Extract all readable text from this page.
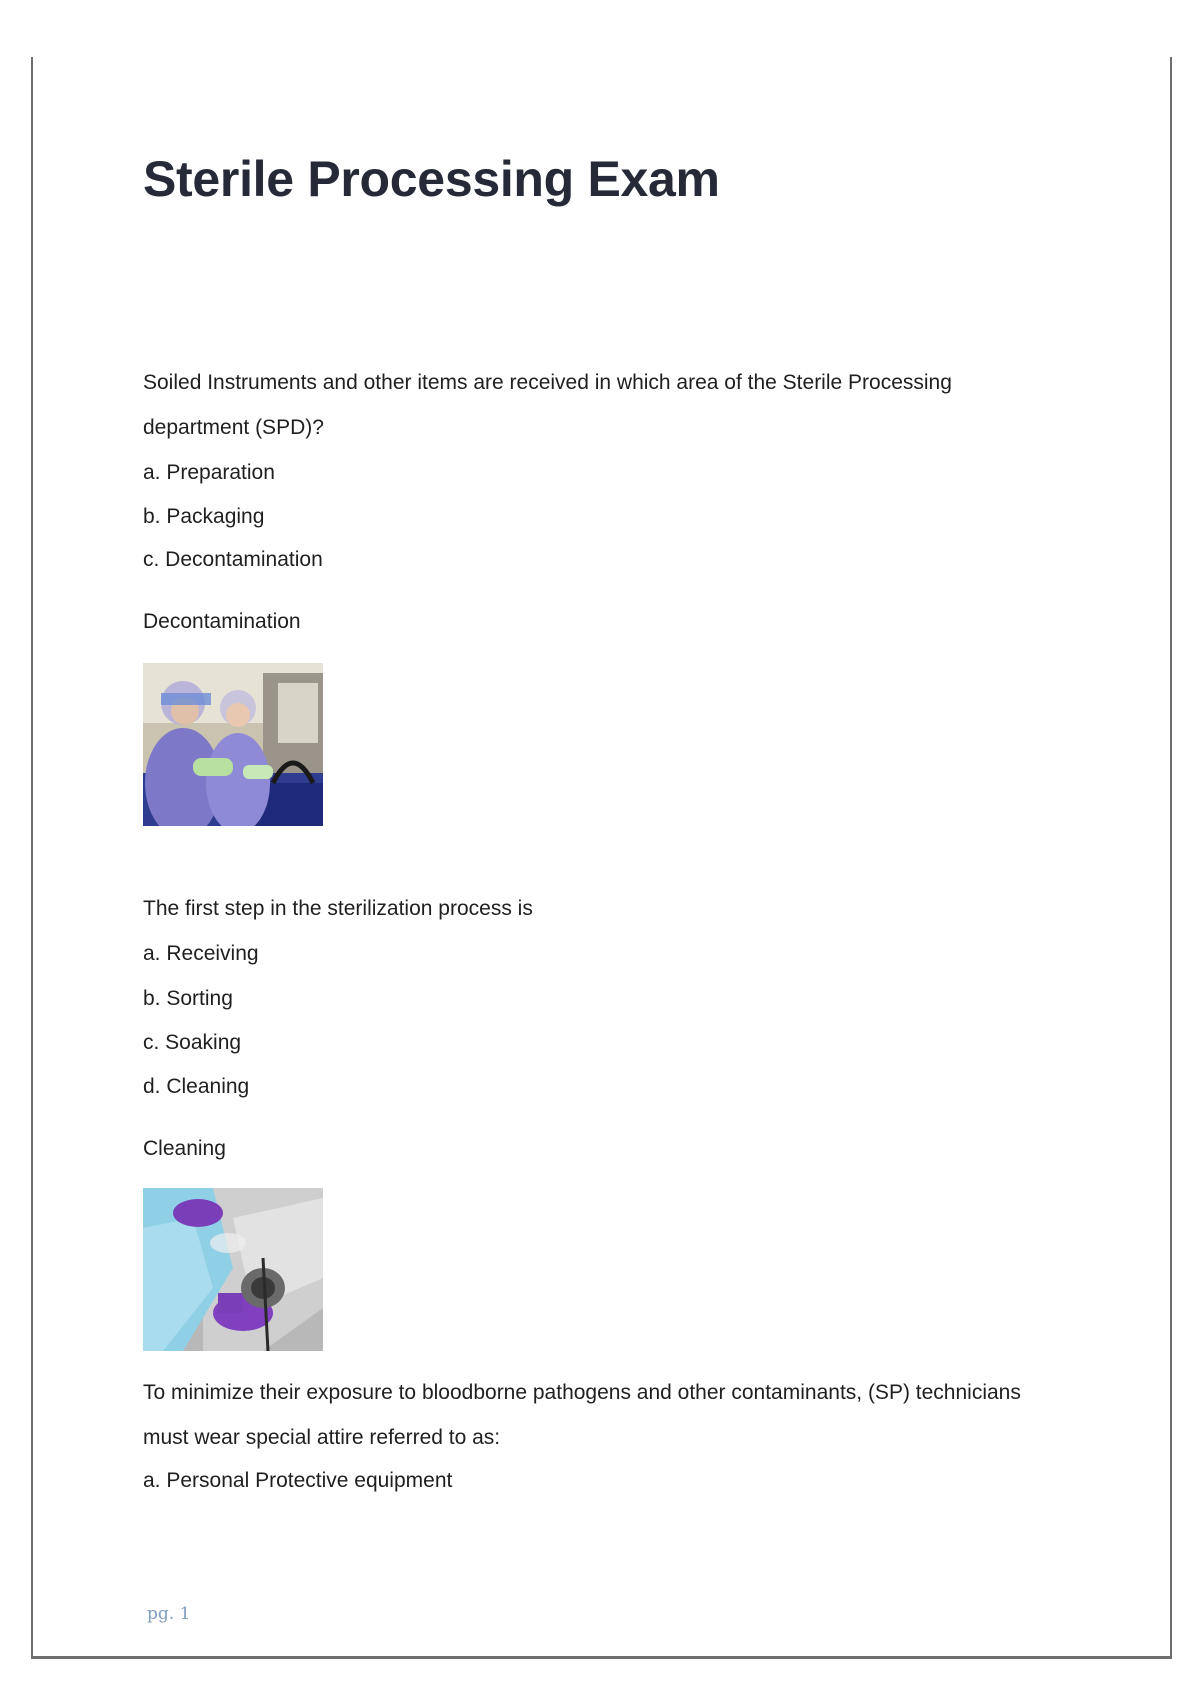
Sterile Processing Exam
Soiled Instruments and other items are received in which area of the Sterile Processing
department (SPD)?
a. Preparation
b. Packaging
c. Decontamination
Decontamination
The first step in the sterilization process is
a. Receiving
b. Sorting
c. Soaking
d. Cleaning
Cleaning
To minimize their exposure to bloodborne pathogens and other contaminants, (SP) technicians
must wear special attire referred to as:
a. Personal Protective equipment
pg. 1
